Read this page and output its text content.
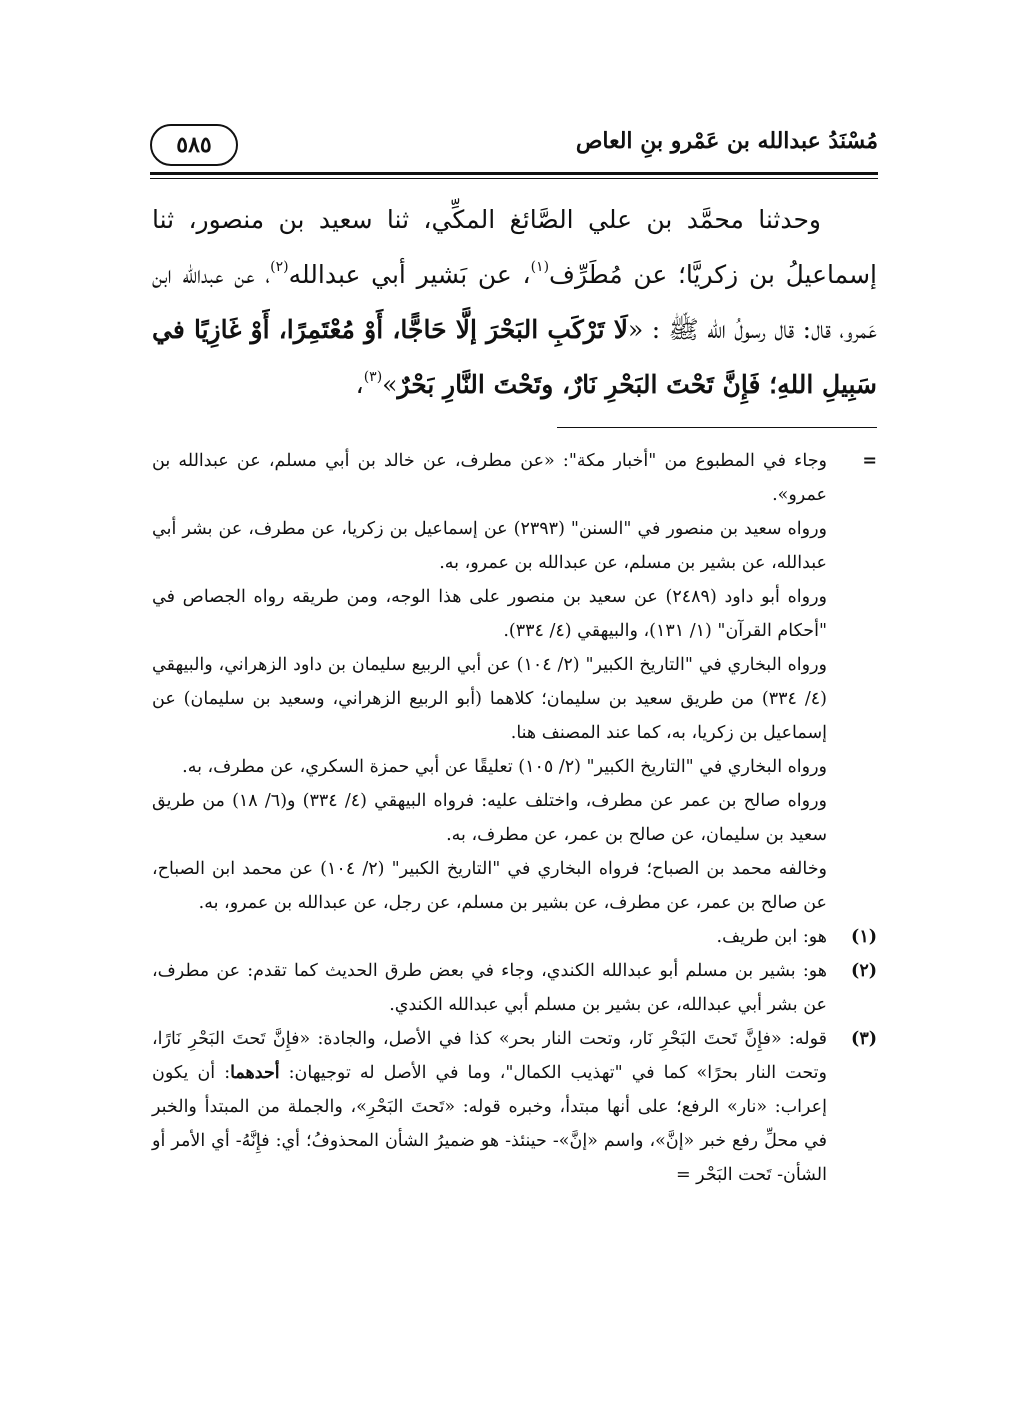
٥٨٥	مُسْنَدُ عبدالله بن عَمْرو بنِ العاص

وحدثنا محمَّد بن علي الصَّائغ المكِّي، ثنا سعيد بن منصور، ثنا إسماعيلُ بن زكريَّا؛ عن مُطَرِّف$^{(١)}$، عن بَشير أبي عبدالله$^{(٢)}$، عن عبدالله ابن عَمرو، قال: قال رسولُ الله ﷺ : «لَا تَرْكَبِ البَحْرَ إلَّا حَاجًّا، أَوْ مُعْتَمِرًا، أَوْ غَازِيًا في سَبِيلِ اللهِ؛ فَإِنَّ تَحْتَ البَحْرِ نَارٌ، وتَحْتَ النَّارِ بَحْرٌ»$^{(٣)}$،

=

وجاء في المطبوع من "أخبار مكة": «عن مطرف، عن خالد بن أبي مسلم، عن عبدالله بن عمرو».

ورواه سعيد بن منصور في "السنن" (٢٣٩٣) عن إسماعيل بن زكريا، عن مطرف، عن بشر أبي عبدالله، عن بشير بن مسلم، عن عبدالله بن عمرو، به.

ورواه أبو داود (٢٤٨٩) عن سعيد بن منصور على هذا الوجه، ومن طريقه رواه الجصاص في "أحكام القرآن" (١/ ١٣١)، والبيهقي (٤/ ٣٣٤).

ورواه البخاري في "التاريخ الكبير" (٢/ ١٠٤) عن أبي الربيع سليمان بن داود الزهراني، والبيهقي (٤/ ٣٣٤) من طريق سعيد بن سليمان؛ كلاهما (أبو الربيع الزهراني، وسعيد بن سليمان) عن إسماعيل بن زكريا، به، كما عند المصنف هنا.

ورواه البخاري في "التاريخ الكبير" (٢/ ١٠٥) تعليقًا عن أبي حمزة السكري، عن مطرف، به.

ورواه صالح بن عمر عن مطرف، واختلف عليه: فرواه البيهقي (٤/ ٣٣٤) و(٦/ ١٨) من طريق سعيد بن سليمان، عن صالح بن عمر، عن مطرف، به.

وخالفه محمد بن الصباح؛ فرواه البخاري في "التاريخ الكبير" (٢/ ١٠٤) عن محمد ابن الصباح، عن صالح بن عمر، عن مطرف، عن بشير بن مسلم، عن رجل، عن عبدالله بن عمرو، به.

(١)
هو: ابن طريف.
(٢)
هو: بشير بن مسلم أبو عبدالله الكندي، وجاء في بعض طرق الحديث كما تقدم: عن مطرف، عن بشر أبي عبدالله، عن بشير بن مسلم أبي عبدالله الكندي.
(٣)
قوله: «فإِنَّ تَحتَ البَحْرِ نَار، وتحت النار بحر» كذا في الأصل، والجادة: «فإِنَّ تَحتَ البَحْرِ نَارًا، وتحت النار بحرًا» كما في "تهذيب الكمال"، وما في الأصل له توجيهان: أحدهما: أن يكون إعراب: «نار» الرفع؛ على أنها مبتدأ، وخبره قوله: «تَحتَ البَحْرِ»، والجملة من المبتدأ والخبر في محلِّ رفع خبر «إنَّ»، واسم «إنَّ»- حينئذ- هو ضميرُ الشأن المحذوفُ؛ أي: فإِنَّهُ- أي الأمر أو الشأن- تَحت البَحْر =
